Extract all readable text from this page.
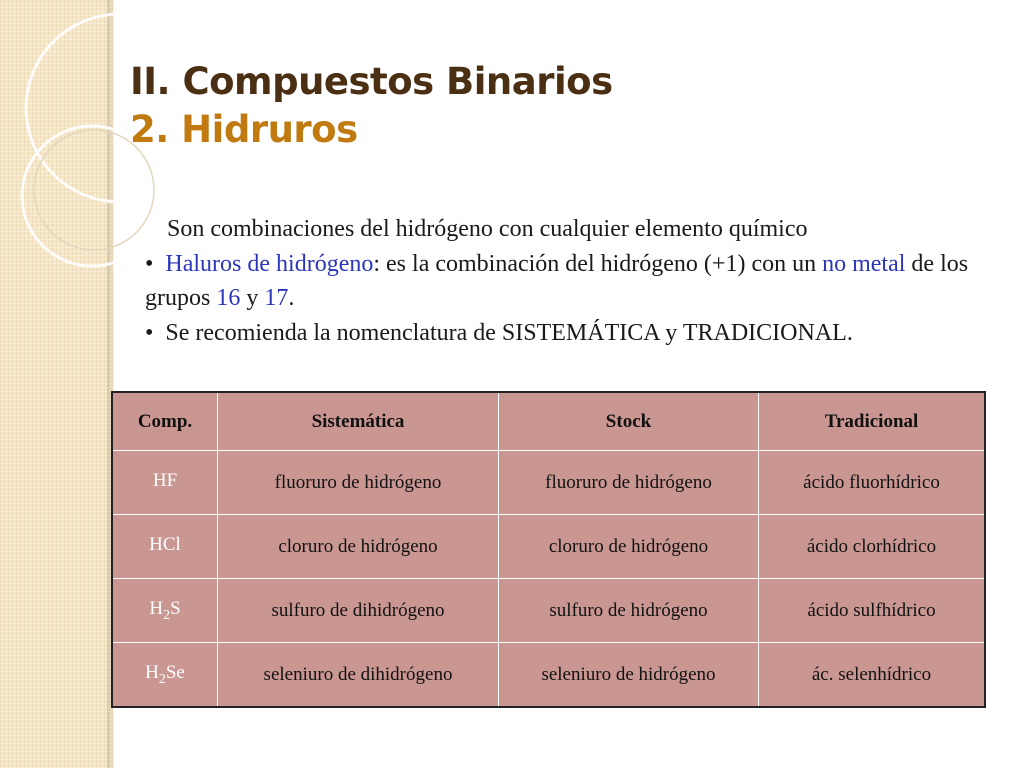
II. Compuestos Binarios
2. Hidruros

Son combinaciones del hidrógeno con cualquier elemento químico

• Haluros de hidrógeno: es la combinación del hidrógeno (+1) con un no metal de los grupos 16 y 17.

• Se recomienda la nomenclatura de SISTEMÁTICA y TRADICIONAL.

Comp.	Sistemática	Stock	Tradicional
HF	fluoruro de hidrógeno	fluoruro de hidrógeno	ácido fluorhídrico
HCl	cloruro de hidrógeno	cloruro de hidrógeno	ácido clorhídrico
$H_2S$	sulfuro de dihidrógeno	sulfuro de hidrógeno	ácido sulfhídrico
$H_2Se$	seleniuro de dihidrógeno	seleniuro de hidrógeno	ác. selenhídrico
